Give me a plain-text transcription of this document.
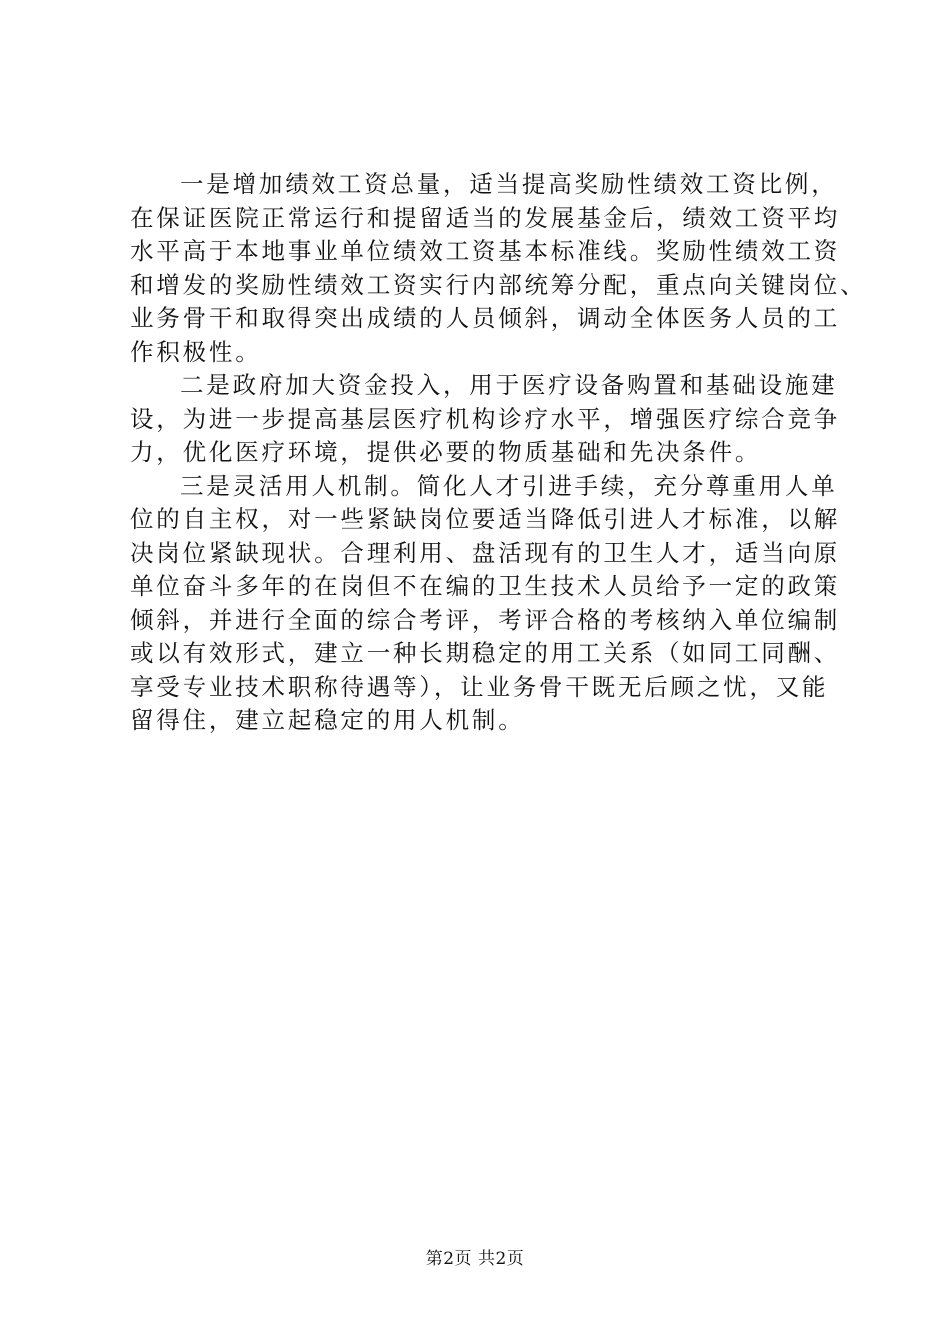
一是增加绩效工资总量，适当提高奖励性绩效工资比例，
在保证医院正常运行和提留适当的发展基金后，绩效工资平均
水平高于本地事业单位绩效工资基本标准线。奖励性绩效工资
和增发的奖励性绩效工资实行内部统筹分配，重点向关键岗位、
业务骨干和取得突出成绩的人员倾斜，调动全体医务人员的工
作积极性。
二是政府加大资金投入，用于医疗设备购置和基础设施建
设，为进一步提高基层医疗机构诊疗水平，增强医疗综合竞争
力，优化医疗环境，提供必要的物质基础和先决条件。
三是灵活用人机制。简化人才引进手续，充分尊重用人单
位的自主权，对一些紧缺岗位要适当降低引进人才标准，以解
决岗位紧缺现状。合理利用、盘活现有的卫生人才，适当向原
单位奋斗多年的在岗但不在编的卫生技术人员给予一定的政策
倾斜，并进行全面的综合考评，考评合格的考核纳入单位编制
或以有效形式，建立一种长期稳定的用工关系（如同工同酬、
享受专业技术职称待遇等），让业务骨干既无后顾之忧，又能
留得住，建立起稳定的用人机制。
第2页 共2页
